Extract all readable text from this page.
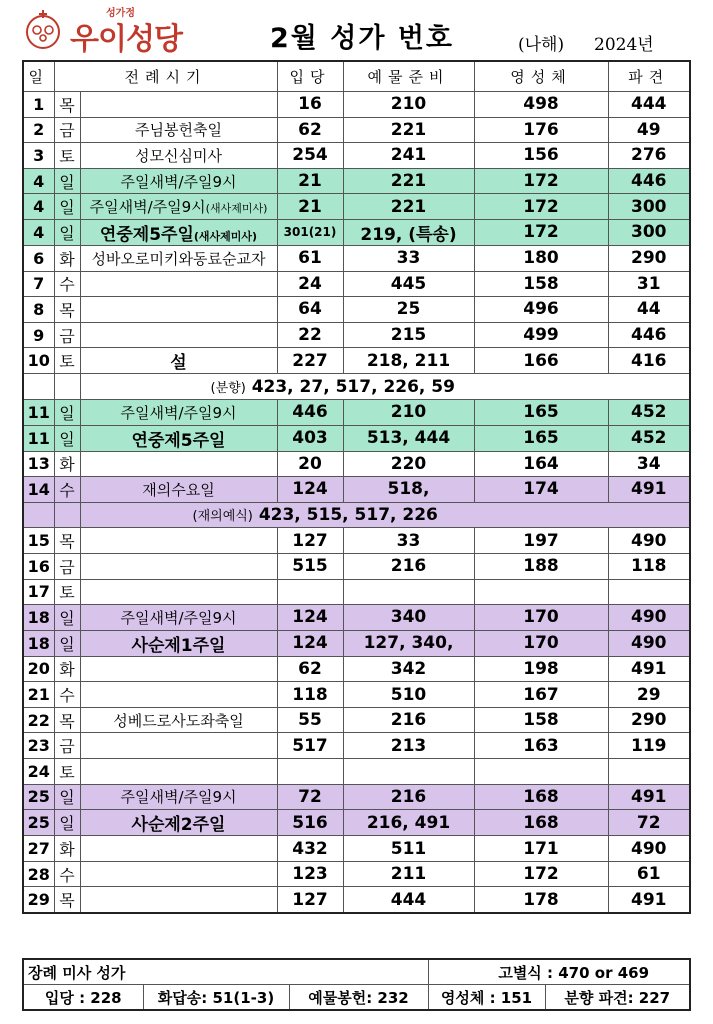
성가정
우이성당	2월 성가 번호	(나해) 2024년
일	전례시기		입당	예물준비	영성체	파견
1	목		16	210	498	444
2	금	주님봉헌축일	62	221	176	49
3	토	성모신심미사	254	241	156	276
4	일	주일새벽/주일9시	21	221	172	446
4	일	주일새벽/주일9시(새사제미사)	21	221	172	300
4	일	연중제5주일(새사제미사)	301(21)	219, (특송)	172	300
6	화	성바오로미키와동료순교자	61	33	180	290
7	수		24	445	158	31
8	목		64	25	496	44
9	금		22	215	499	446
10	토	설	227	218, 211	166	416
		(분향) 423, 27, 517, 226, 59				
11	일	주일새벽/주일9시	446	210	165	452
11	일	연중제5주일	403	513, 444	165	452
13	화		20	220	164	34
14	수	재의수요일	124	518,	174	491
		(재의예식) 423, 515, 517, 226				
15	목		127	33	197	490
16	금		515	216	188	118
17	토					
18	일	주일새벽/주일9시	124	340	170	490
18	일	사순제1주일	124	127, 340,	170	490
20	화		62	342	198	491
21	수		118	510	167	29
22	목	성베드로사도좌축일	55	216	158	290
23	금		517	213	163	119
24	토					
25	일	주일새벽/주일9시	72	216	168	491
25	일	사순제2주일	516	216, 491	168	72
27	화		432	511	171	490
28	수		123	211	172	61
29	목		127	444	178	491
장례 미사 성가			고별식 : 470 or 469	
입당 : 228	화답송: 51(1-3)	예물봉헌: 232	영성체 : 151	분향 파견: 227
